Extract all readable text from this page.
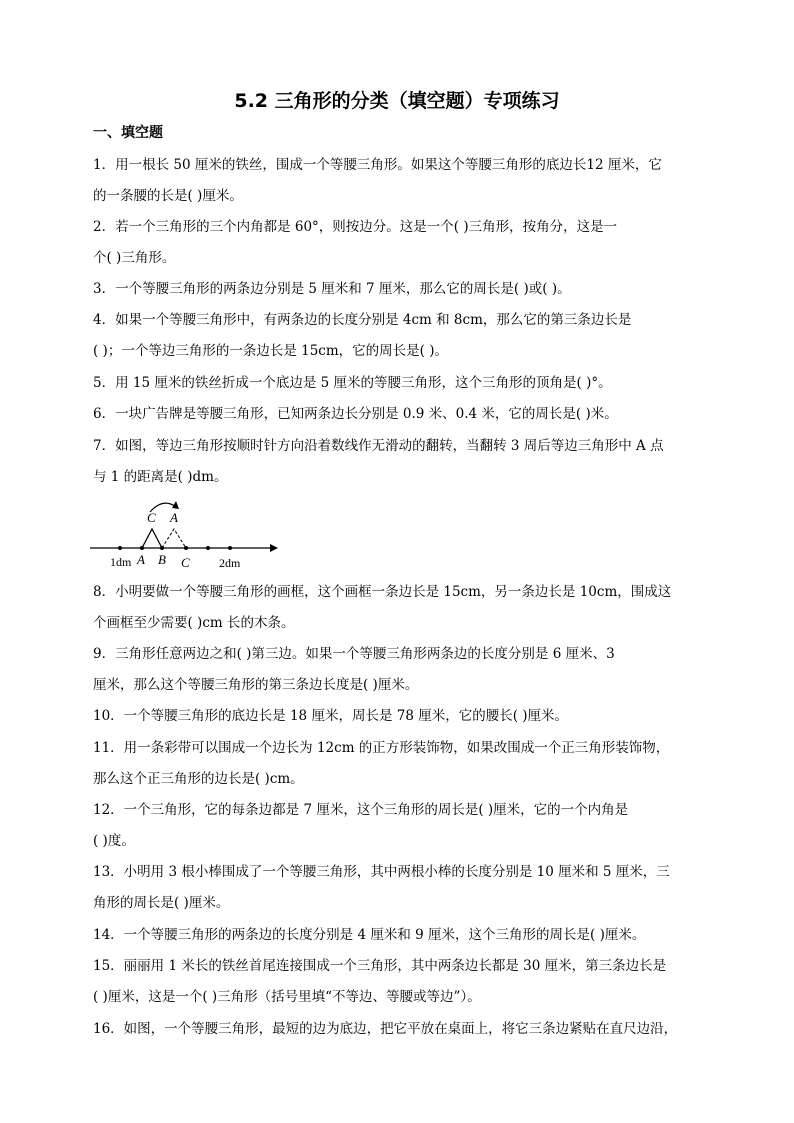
5.2 三角形的分类（填空题）专项练习
一、填空题
1．用一根长 50 厘米的铁丝，围成一个等腰三角形。如果这个等腰三角形的底边长12 厘米，它
的一条腰的长是( )厘米。
2．若一个三角形的三个内角都是 60°，则按边分。这是一个( )三角形，按角分，这是一
个( )三角形。
3．一个等腰三角形的两条边分别是 5 厘米和 7 厘米，那么它的周长是( )或( )。
4．如果一个等腰三角形中，有两条边的长度分别是 4cm 和 8cm，那么它的第三条边长是
( )；一个等边三角形的一条边长是 15cm，它的周长是( )。
5．用 15 厘米的铁丝折成一个底边是 5 厘米的等腰三角形，这个三角形的顶角是( )°。
6．一块广告牌是等腰三角形，已知两条边长分别是 0.9 米、0.4 米，它的周长是( )米。
7．如图，等边三角形按顺时针方向沿着数线作无滑动的翻转，当翻转 3 周后等边三角形中 A 点
与 1 的距离是( )dm。
C A
1dm A B C 2dm
8．小明要做一个等腰三角形的画框，这个画框一条边长是 15cm，另一条边长是 10cm，围成这
个画框至少需要( )cm 长的木条。
9．三角形任意两边之和( )第三边。如果一个等腰三角形两条边的长度分别是 6 厘米、3
厘米，那么这个等腰三角形的第三条边长度是( )厘米。
10．一个等腰三角形的底边长是 18 厘米，周长是 78 厘米，它的腰长( )厘米。
11．用一条彩带可以围成一个边长为 12cm 的正方形装饰物，如果改围成一个正三角形装饰物，
那么这个正三角形的边长是( )cm。
12．一个三角形，它的每条边都是 7 厘米，这个三角形的周长是( )厘米，它的一个内角是
( )度。
13．小明用 3 根小棒围成了一个等腰三角形，其中两根小棒的长度分别是 10 厘米和 5 厘米，三
角形的周长是( )厘米。
14．一个等腰三角形的两条边的长度分别是 4 厘米和 9 厘米，这个三角形的周长是( )厘米。
15．丽丽用 1 米长的铁丝首尾连接围成一个三角形，其中两条边长都是 30 厘米，第三条边长是
( )厘米，这是一个( )三角形（括号里填“不等边、等腰或等边”）。
16．如图，一个等腰三角形，最短的边为底边，把它平放在桌面上，将它三条边紧贴在直尺边沿，
